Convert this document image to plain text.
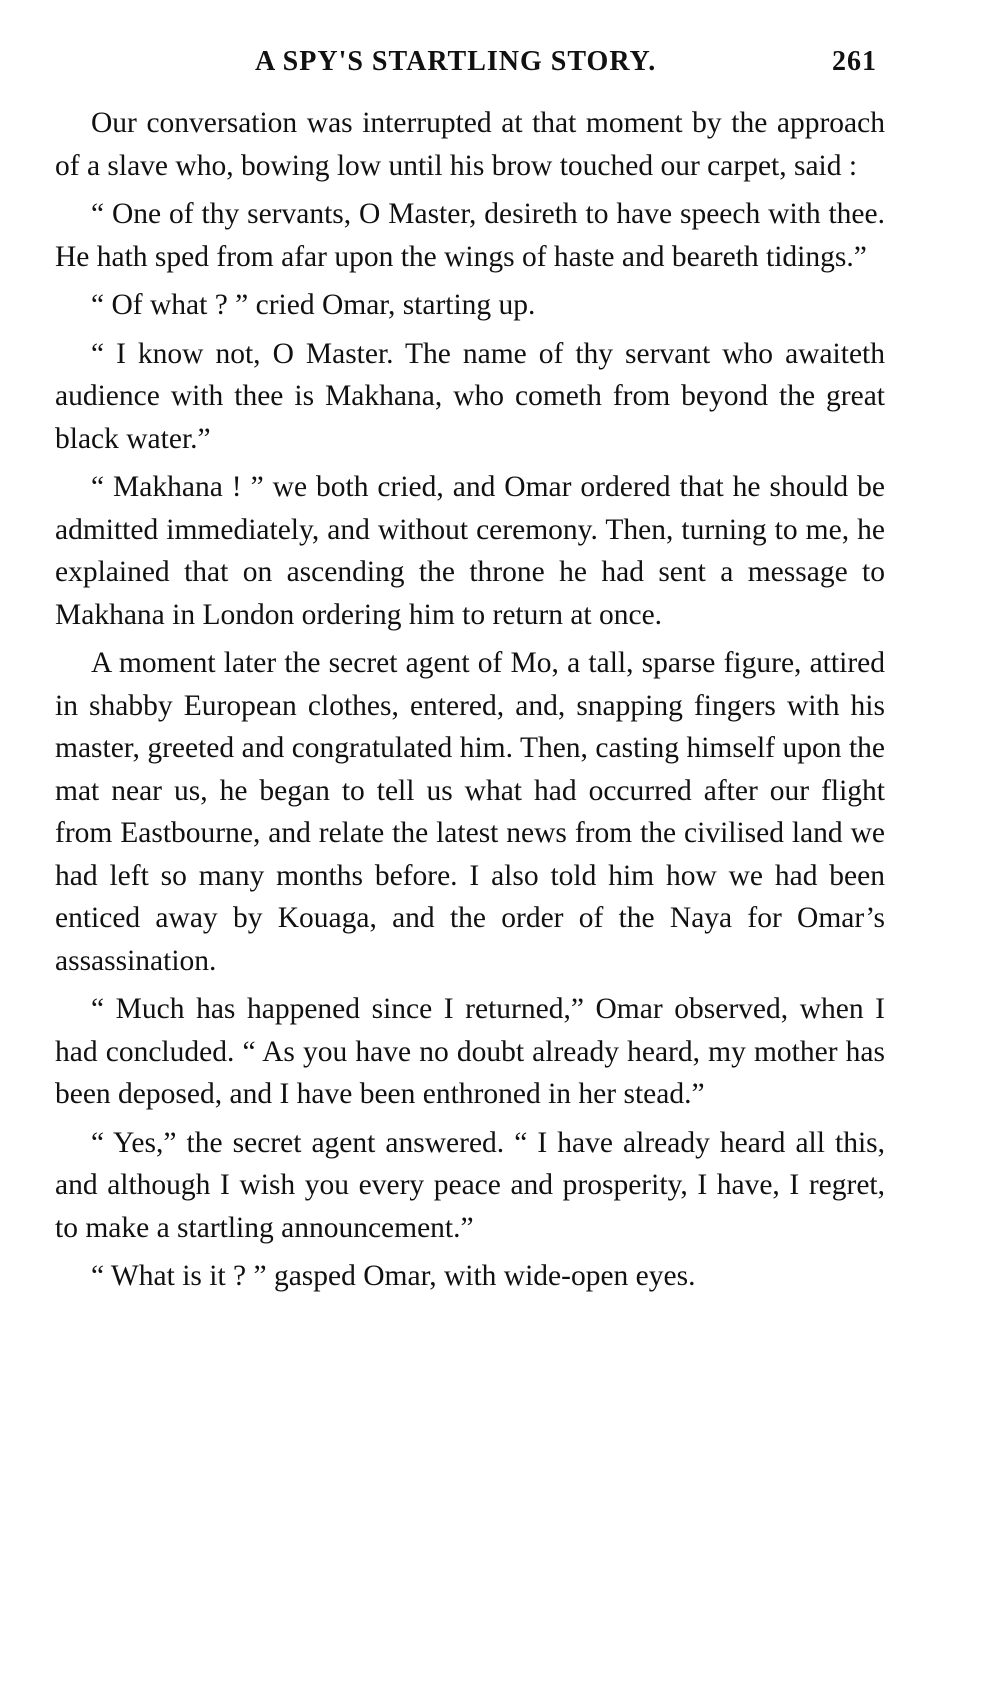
A SPY'S STARTLING STORY.	261

Our conversation was interrupted at that moment by the approach of a slave who, bowing low until his brow touched our carpet, said :

“ One of thy servants, O Master, desireth to have speech with thee. He hath sped from afar upon the wings of haste and beareth tidings.”

“ Of what ? ” cried Omar, starting up.

“ I know not, O Master. The name of thy servant who awaiteth audience with thee is Makhana, who cometh from beyond the great black water.”

“ Makhana ! ” we both cried, and Omar ordered that he should be admitted immediately, and without ceremony. Then, turning to me, he explained that on ascending the throne he had sent a message to Makhana in London ordering him to return at once.

A moment later the secret agent of Mo, a tall, sparse figure, attired in shabby European clothes, entered, and, snapping fingers with his master, greeted and congratulated him. Then, casting himself upon the mat near us, he began to tell us what had occurred after our flight from Eastbourne, and relate the latest news from the civilised land we had left so many months before. I also told him how we had been enticed away by Kouaga, and the order of the Naya for Omar’s assassination.

“ Much has happened since I returned,” Omar observed, when I had concluded. “ As you have no doubt already heard, my mother has been deposed, and I have been enthroned in her stead.”

“ Yes,” the secret agent answered. “ I have already heard all this, and although I wish you every peace and prosperity, I have, I regret, to make a startling announcement.”

“ What is it ? ” gasped Omar, with wide-open eyes.
